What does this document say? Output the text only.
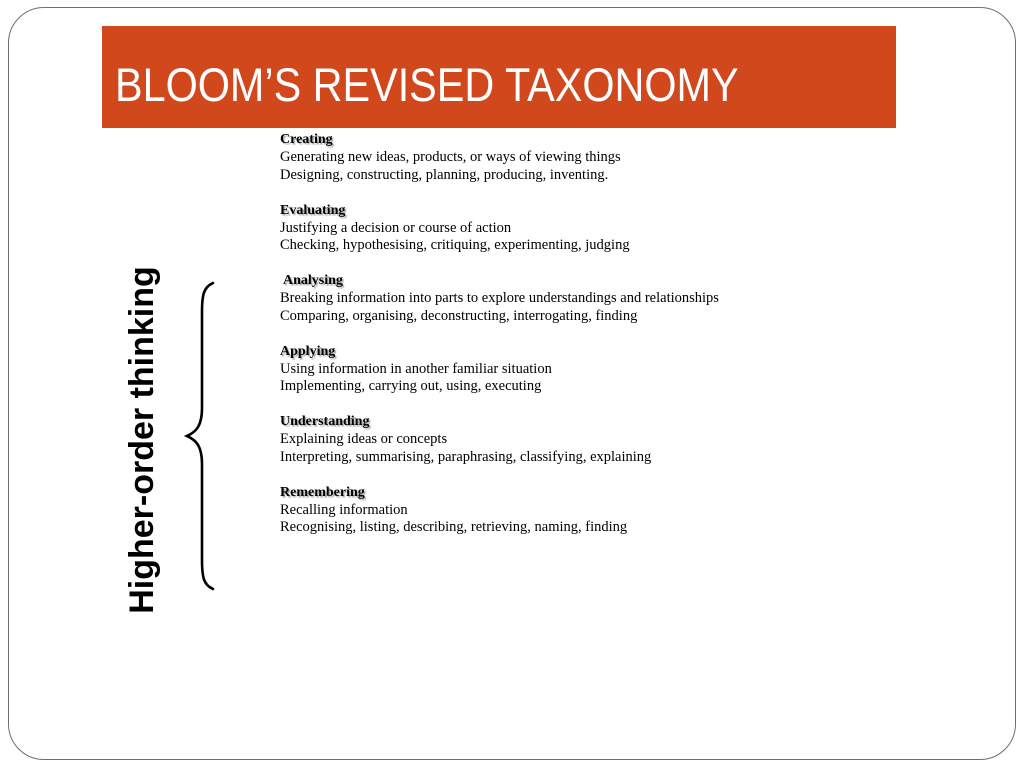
BLOOM’S REVISED TAXONOMY
Higher-order thinking
Creating
Generating new ideas, products, or ways of viewing things
Designing, constructing, planning, producing, inventing.
Evaluating
Justifying a decision or course of action
Checking, hypothesising, critiquing, experimenting, judging
Analysing
Breaking information into parts to explore understandings and relationships
Comparing, organising, deconstructing, interrogating, finding
Applying
Using information in another familiar situation
Implementing, carrying out, using, executing
Understanding
Explaining ideas or concepts
Interpreting, summarising, paraphrasing, classifying, explaining
Remembering
Recalling information
Recognising, listing, describing, retrieving, naming, finding
